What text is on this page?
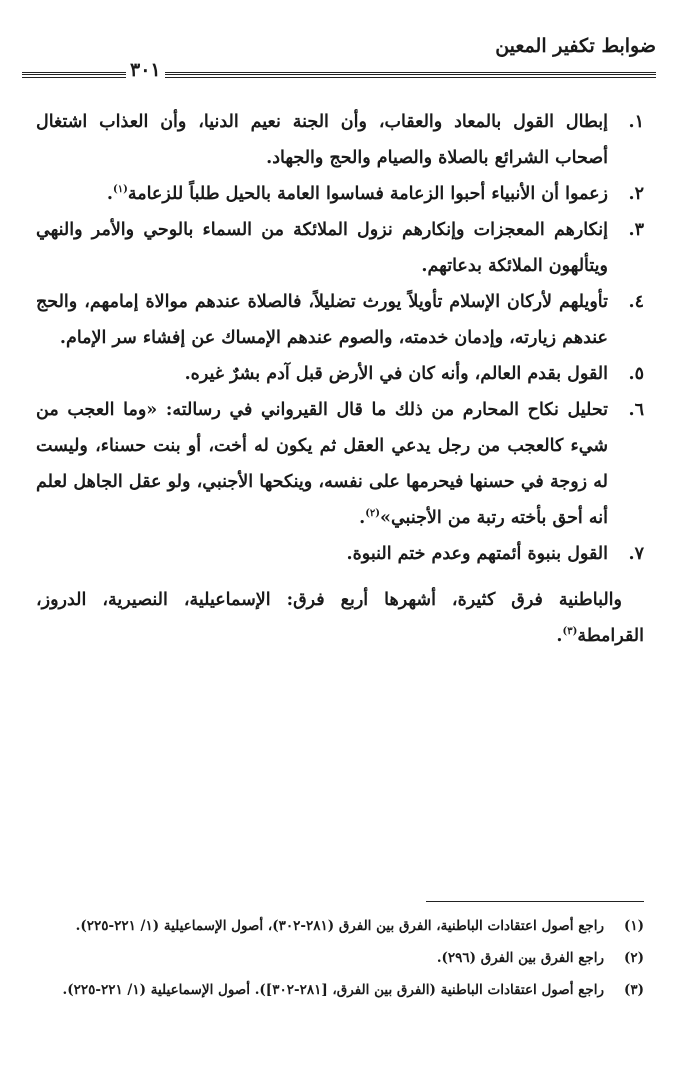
ضوابط تكفير المعين
٣٠١
١.
إبطال القول بالمعاد والعقاب، وأن الجنة نعيم الدنيا، وأن العذاب اشتغال أصحاب الشرائع بالصلاة والصيام والحج والجهاد.
٢.
زعموا أن الأنبياء أحبوا الزعامة فساسوا العامة بالحيل طلباً للزعامة$^{(١)}$.
٣.
إنكارهم المعجزات وإنكارهم نزول الملائكة من السماء بالوحي والأمر والنهي ويتألهون الملائكة بدعاتهم.
٤.
تأويلهم لأركان الإسلام تأويلاً يورث تضليلاً، فالصلاة عندهم موالاة إمامهم، والحج عندهم زيارته، وإدمان خدمته، والصوم عندهم الإمساك عن إفشاء سر الإمام.
٥.
القول بقدم العالم، وأنه كان في الأرض قبل آدم بشرٌ غيره.
٦.
تحليل نكاح المحارم من ذلك ما قال القيرواني في رسالته: «وما العجب من شيء كالعجب من رجل يدعي العقل ثم يكون له أخت، أو بنت حسناء، وليست له زوجة في حسنها فيحرمها على نفسه، وينكحها الأجنبي، ولو عقل الجاهل لعلم أنه أحق بأخته رتبة من الأجنبي»$^{(٢)}$.
٧.
القول بنبوة أئمتهم وعدم ختم النبوة.

والباطنية فرق كثيرة، أشهرها أربع فرق: الإسماعيلية، النصيرية، الدروز، القرامطة$^{(٣)}$.

(١)
راجع أصول اعتقادات الباطنية، الفرق بين الفرق (٢٨١-٣٠٢)، أصول الإسماعيلية (١/ ٢٢١-٢٢٥).
(٢)
راجع الفرق بين الفرق (٢٩٦).
(٣)
راجع أصول اعتقادات الباطنية (الفرق بين الفرق، [٢٨١-٣٠٢]). أصول الإسماعيلية (١/ ٢٢١-٢٢٥).
